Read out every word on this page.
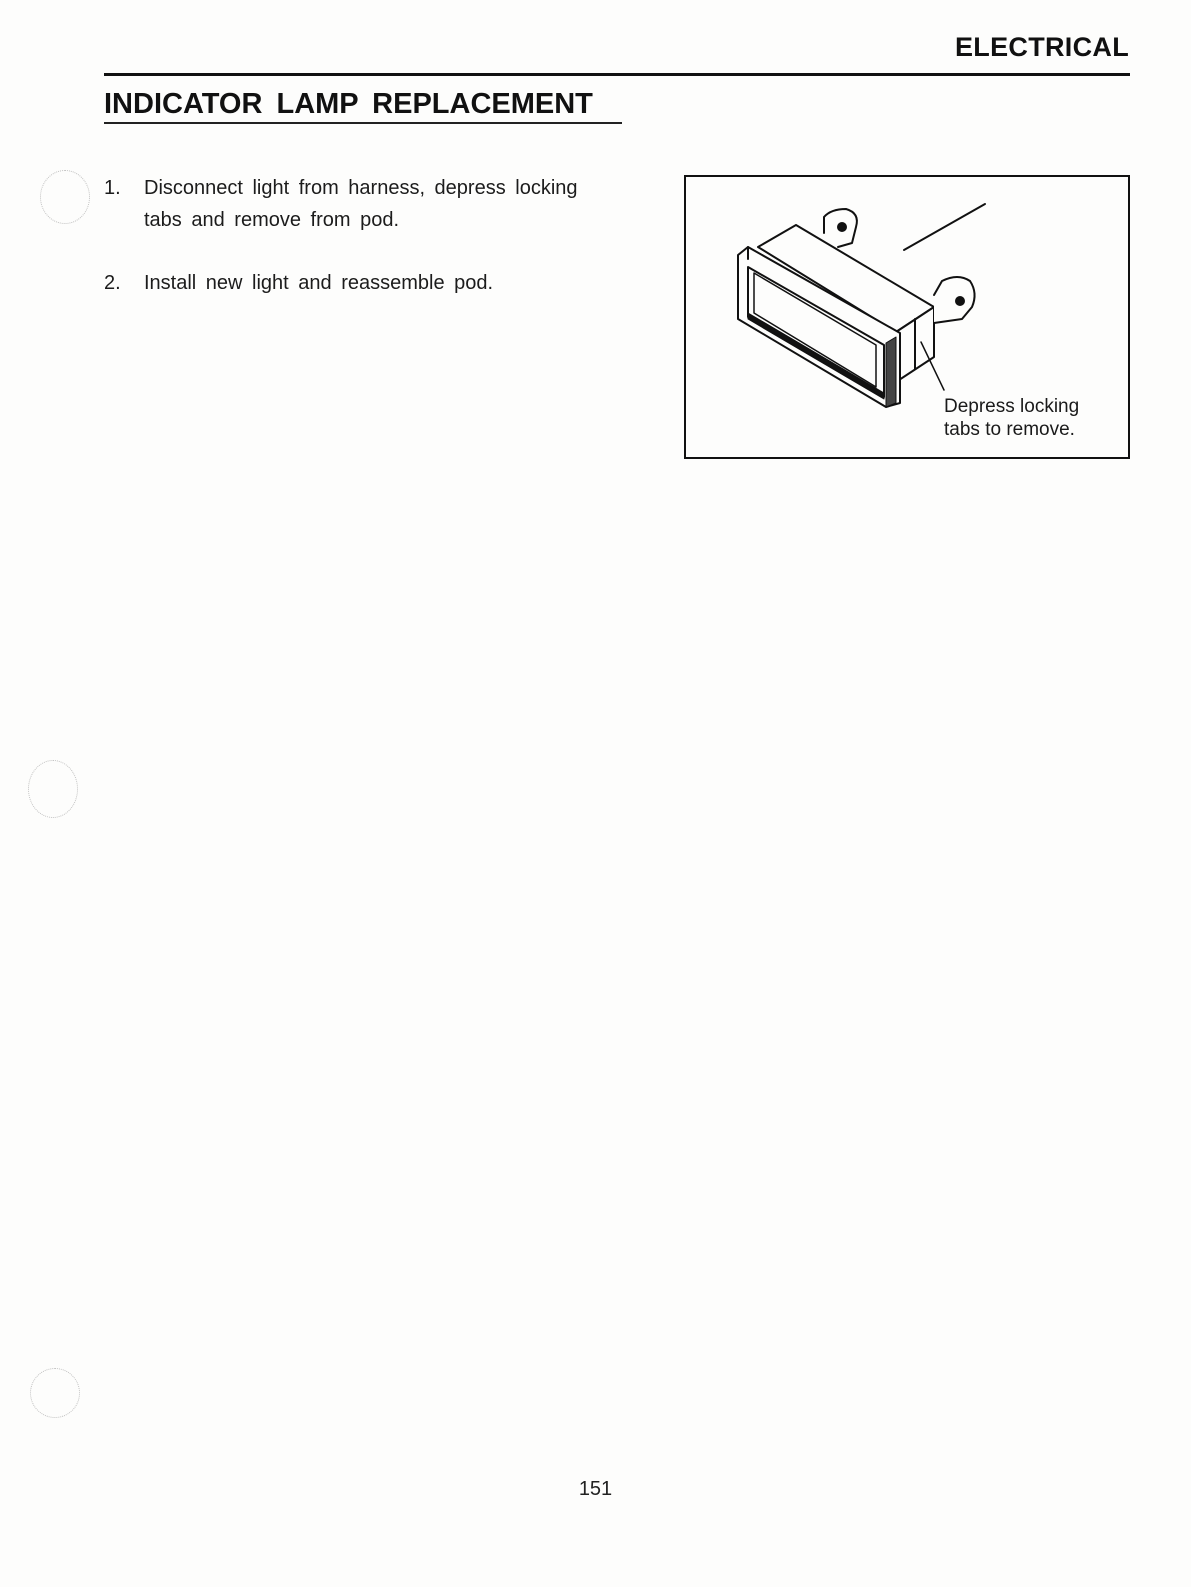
ELECTRICAL
INDICATOR LAMP REPLACEMENT
1. Disconnect light from harness, depress locking tabs and remove from pod.
2. Install new light and reassemble pod.
Depress locking
tabs to remove.
151
